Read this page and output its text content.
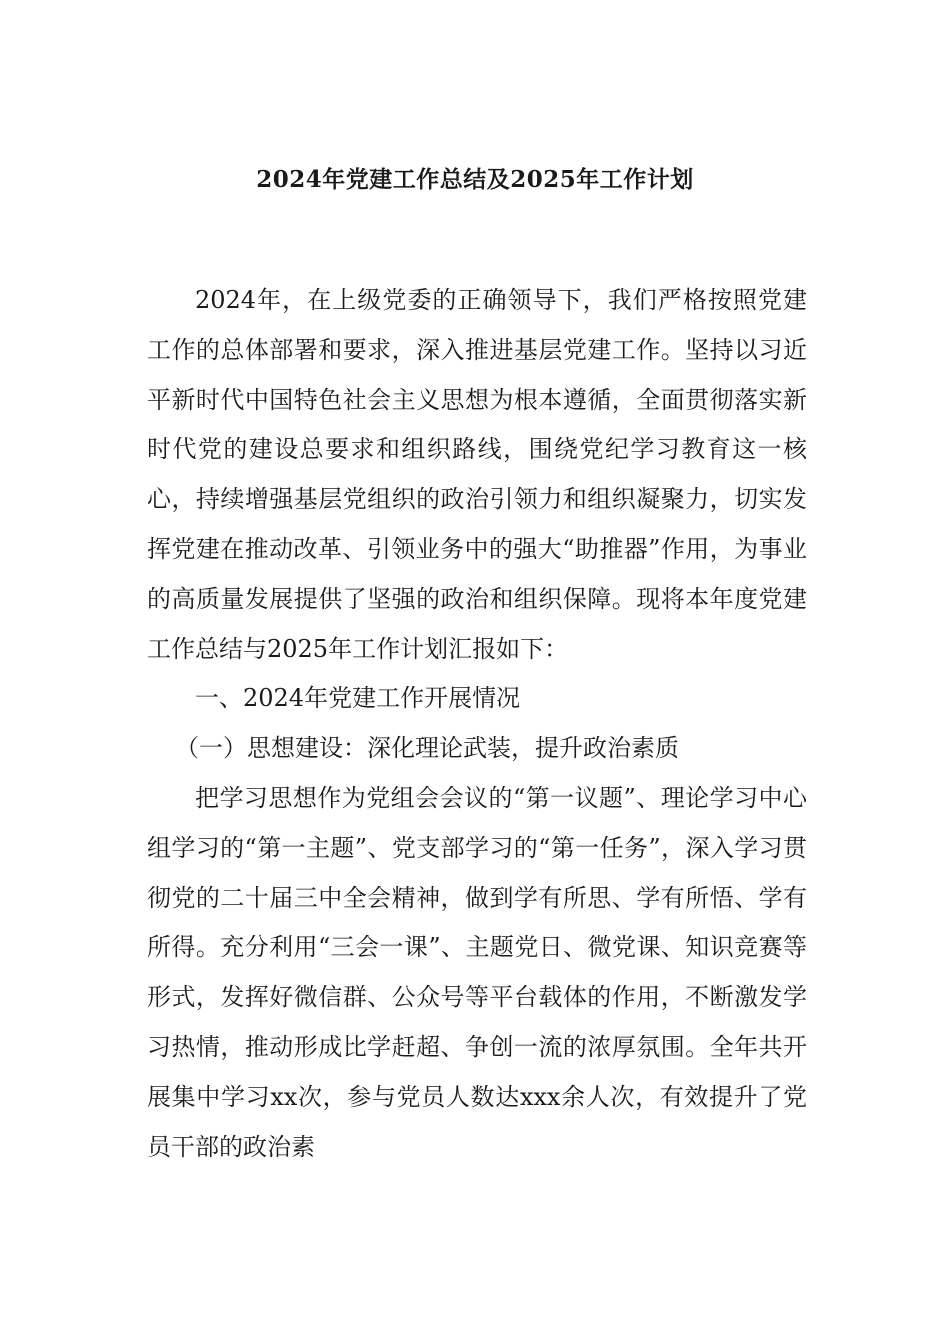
2024年党建工作总结及2025年工作计划

2024年，在上级党委的正确领导下，我们严格按照党建工作的总体部署和要求，深入推进基层党建工作。坚持以习近平新时代中国特色社会主义思想为根本遵循，全面贯彻落实新时代党的建设总要求和组织路线，围绕党纪学习教育这一核心，持续增强基层党组织的政治引领力和组织凝聚力，切实发挥党建在推动改革、引领业务中的强大“助推器”作用，为事业的高质量发展提供了坚强的政治和组织保障。现将本年度党建工作总结与2025年工作计划汇报如下：

一、2024年党建工作开展情况

（一）思想建设：深化理论武装，提升政治素质

把学习思想作为党组会会议的“第一议题”、理论学习中心组学习的“第一主题”、党支部学习的“第一任务”，深入学习贯彻党的二十届三中全会精神，做到学有所思、学有所悟、学有所得。充分利用“三会一课”、主题党日、微党课、知识竞赛等形式，发挥好微信群、公众号等平台载体的作用，不断激发学习热情，推动形成比学赶超、争创一流的浓厚氛围。全年共开展集中学习xx次，参与党员人数达xxx余人次，有效提升了党员干部的政治素
